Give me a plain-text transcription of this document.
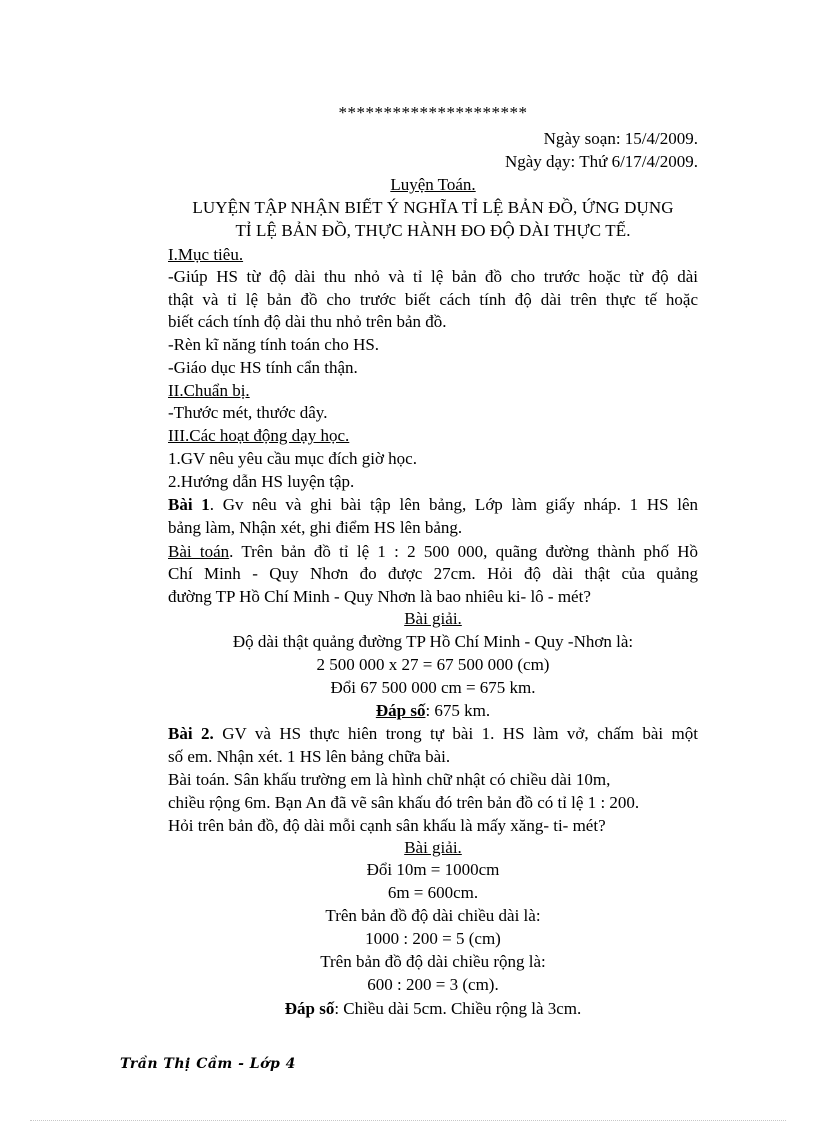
*********************
Ngày soạn: 15/4/2009.
Ngày dạy: Thứ 6/17/4/2009.
Luyện Toán.
LUYỆN TẬP NHẬN BIẾT Ý NGHĨA TỈ LỆ BẢN ĐỒ, ỨNG DỤNG
TỈ LỆ BẢN ĐỒ, THỰC HÀNH ĐO ĐỘ DÀI THỰC TẾ.
I.Mục tiêu.
-Giúp HS từ độ dài thu nhỏ và tỉ lệ bản đồ cho trước hoặc từ độ dài
thật và tỉ lệ bản đồ cho trước biết cách tính độ dài trên thực tế hoặc
biết cách tính độ dài thu nhỏ trên bản đồ.
-Rèn kĩ năng tính toán cho HS.
-Giáo dục HS tính cẩn thận.
II.Chuẩn bị.
-Thước mét, thước dây.
III.Các hoạt động dạy học.
1.GV nêu yêu cầu mục đích giờ học.
2.Hướng dẫn HS luyện tập.
Bài 1. Gv nêu và ghi bài tập lên bảng, Lớp làm giấy nháp. 1 HS lên
bảng làm, Nhận xét, ghi điểm HS lên bảng.
Bài toán. Trên bản đồ tỉ lệ 1 : 2 500 000, quãng đường thành phố Hồ
Chí Minh - Quy Nhơn đo được 27cm. Hỏi độ dài thật của quảng
đường TP Hồ Chí Minh - Quy Nhơn là bao nhiêu ki- lô - mét?
Bài giải.
Độ dài thật quảng đường TP Hồ Chí Minh - Quy -Nhơn là:
2 500 000 x 27 = 67 500 000 (cm)
Đổi 67 500 000 cm = 675 km.
Đáp số: 675 km.
Bài 2. GV và HS thực hiên trong tự bài 1. HS làm vở, chấm bài một
số em. Nhận xét. 1 HS lên bảng chữa bài.
Bài toán. Sân khấu trường em là hình chữ nhật có chiều dài 10m,
chiều rộng 6m. Bạn An đã vẽ sân khấu đó trên bản đồ có tỉ lệ 1 : 200.
Hỏi trên bản đồ, độ dài mỗi cạnh sân khấu là mấy xăng- ti- mét?
Bài giải.
Đổi 10m = 1000cm
6m = 600cm.
Trên bản đồ độ dài chiều dài là:
1000 : 200 = 5 (cm)
Trên bản đồ độ dài chiều rộng là:
600 : 200 = 3 (cm).
Đáp số: Chiều dài 5cm. Chiều rộng là 3cm.
Trần Thị Cầm - Lớp 4
